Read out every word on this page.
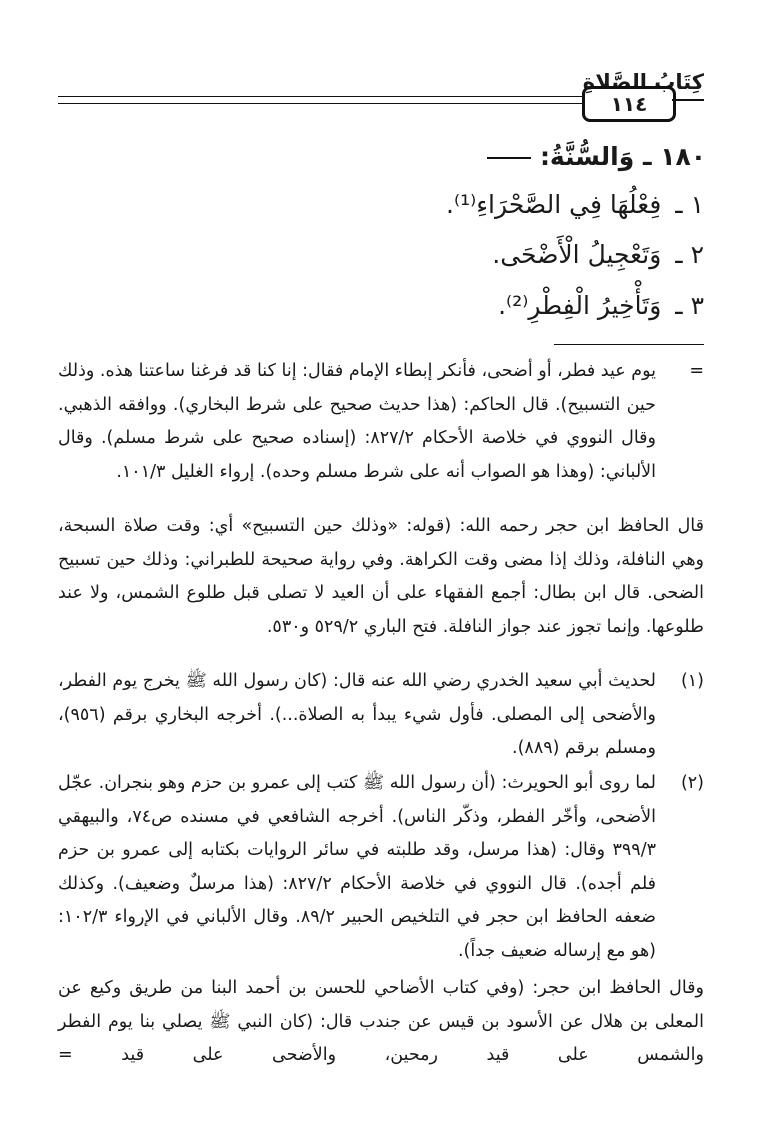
كِتَابُ الصَّلاةِ
١١٤
١٨٠ ـ وَالسُّنَّةُ:
١ ـفِعْلُهَا فِي الصَّحْرَاءِ⁽¹⁾.
٢ ـوَتَعْجِيلُ الْأَضْحَى.
٣ ـوَتَأْخِيرُ الْفِطْرِ⁽²⁾.
=
يوم عيد فطر، أو أضحى، فأنكر إبطاء الإمام فقال: إنا كنا قد فرغنا ساعتنا هذه. وذلك حين التسبيح). قال الحاكم: (هذا حديث صحيح على شرط البخاري). ووافقه الذهبي. وقال النووي في خلاصة الأحكام ٨٢٧/٢: (إسناده صحيح على شرط مسلم). وقال الألباني: (وهذا هو الصواب أنه على شرط مسلم وحده). إرواء الغليل ١٠١/٣.
قال الحافظ ابن حجر رحمه الله: (قوله: «وذلك حين التسبيح» أي: وقت صلاة السبحة، وهي النافلة، وذلك إذا مضى وقت الكراهة. وفي رواية صحيحة للطبراني: وذلك حين تسبيح الضحى. قال ابن بطال: أجمع الفقهاء على أن العيد لا تصلى قبل طلوع الشمس، ولا عند طلوعها. وإنما تجوز عند جواز النافلة. فتح الباري ٥٢٩/٢ و٥٣٠.
(١)
لحديث أبي سعيد الخدري رضي الله عنه قال: (كان رسول الله ﷺ يخرج يوم الفطر، والأضحى إلى المصلى. فأول شيء يبدأ به الصلاة...). أخرجه البخاري برقم (٩٥٦)، ومسلم برقم (٨٨٩).
(٢)
لما روى أبو الحويرث: (أن رسول الله ﷺ كتب إلى عمرو بن حزم وهو بنجران. عجّل الأضحى، وأخّر الفطر، وذكّر الناس). أخرجه الشافعي في مسنده ص٧٤، والبيهقي ٣٩٩/٣ وقال: (هذا مرسل، وقد طلبته في سائر الروايات بكتابه إلى عمرو بن حزم فلم أجده). قال النووي في خلاصة الأحكام ٨٢٧/٢: (هذا مرسلٌ وضعيف). وكذلك ضعفه الحافظ ابن حجر في التلخيص الحبير ٨٩/٢. وقال الألباني في الإرواء ١٠٢/٣: (هو مع إرساله ضعيف جداً).
وقال الحافظ ابن حجر: (وفي كتاب الأضاحي للحسن بن أحمد البنا من طريق وكيع عن المعلى بن هلال عن الأسود بن قيس عن جندب قال: (كان النبي ﷺ يصلي بنا يوم الفطر والشمس على قيد رمحين، والأضحى على قيد =
